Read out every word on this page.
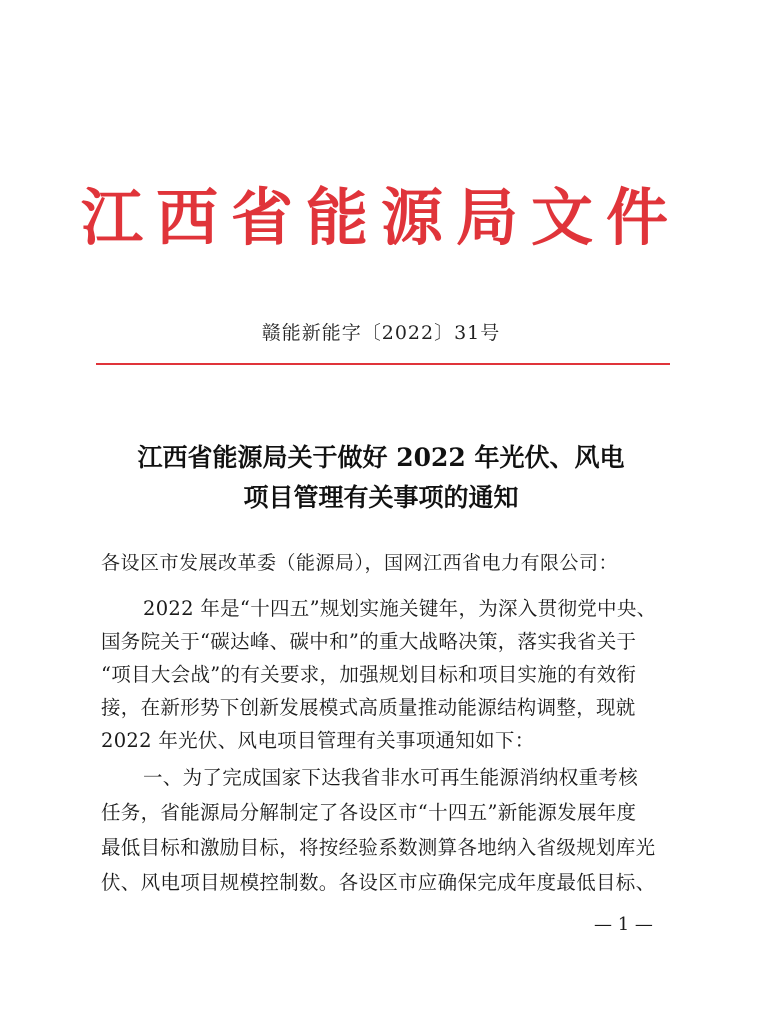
江西省能源局文件
赣能新能字〔2022〕31号
江西省能源局关于做好 2022 年光伏、风电
项目管理有关事项的通知
各设区市发展改革委（能源局），国网江西省电力有限公司：
2022 年是“十四五”规划实施关键年，为深入贯彻党中央、
国务院关于“碳达峰、碳中和”的重大战略决策，落实我省关于
“项目大会战”的有关要求，加强规划目标和项目实施的有效衔
接，在新形势下创新发展模式高质量推动能源结构调整，现就
2022 年光伏、风电项目管理有关事项通知如下：
一、为了完成国家下达我省非水可再生能源消纳权重考核
任务，省能源局分解制定了各设区市“十四五”新能源发展年度
最低目标和激励目标，将按经验系数测算各地纳入省级规划库光
伏、风电项目规模控制数。各设区市应确保完成年度最低目标、
— 1 —
